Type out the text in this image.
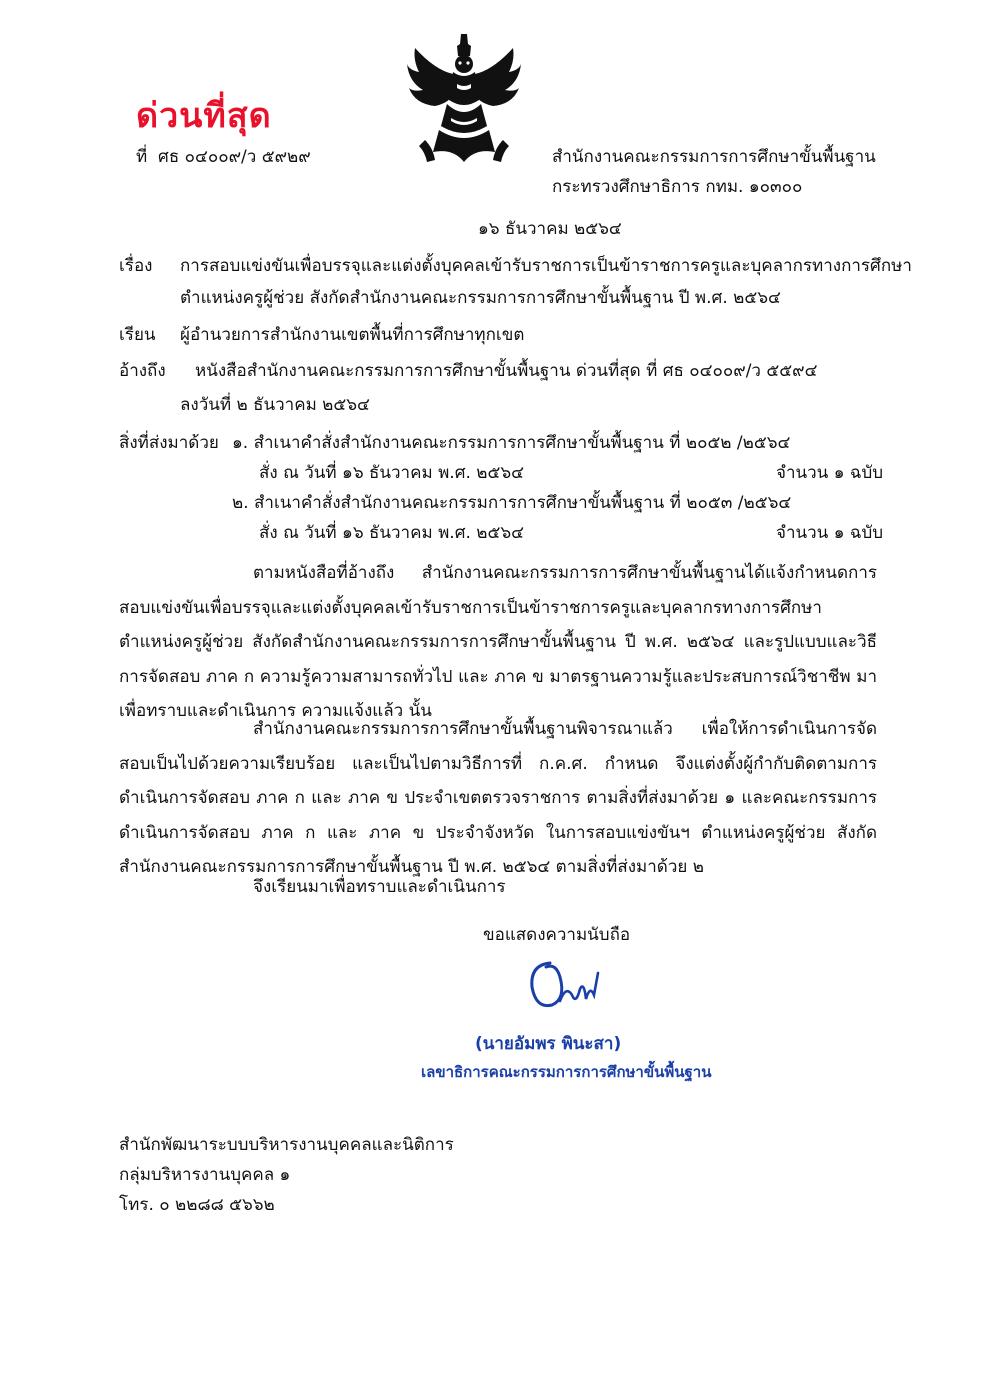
ด่วนที่สุด
ที่ ศธ ๐๔๐๐๙/ว ๕๙๒๙	สำนักงานคณะกรรมการการศึกษาขั้นพื้นฐาน
กระทรวงศึกษาธิการ กทม. ๑๐๓๐๐
๑๖ ธันวาคม ๒๕๖๔
เรื่อง การสอบแข่งขันเพื่อบรรจุและแต่งตั้งบุคคลเข้ารับราชการเป็นข้าราชการครูและบุคลากรทางการศึกษา
ตำแหน่งครูผู้ช่วย สังกัดสำนักงานคณะกรรมการการศึกษาขั้นพื้นฐาน ปี พ.ศ. ๒๕๖๔
เรียน ผู้อำนวยการสำนักงานเขตพื้นที่การศึกษาทุกเขต
อ้างถึง หนังสือสำนักงานคณะกรรมการการศึกษาขั้นพื้นฐาน ด่วนที่สุด ที่ ศธ ๐๔๐๐๙/ว ๕๕๙๔
ลงวันที่ ๒ ธันวาคม ๒๕๖๔
สิ่งที่ส่งมาด้วย ๑. สำเนาคำสั่งสำนักงานคณะกรรมการการศึกษาขั้นพื้นฐาน ที่ ๒๐๕๒ /๒๕๖๔
สั่ง ณ วันที่ ๑๖ ธันวาคม พ.ศ. ๒๕๖๔	จำนวน ๑ ฉบับ
๒. สำเนาคำสั่งสำนักงานคณะกรรมการการศึกษาขั้นพื้นฐาน ที่ ๒๐๕๓ /๒๕๖๔
สั่ง ณ วันที่ ๑๖ ธันวาคม พ.ศ. ๒๕๖๔	จำนวน ๑ ฉบับ

ตามหนังสือที่อ้างถึง สำนักงานคณะกรรมการการศึกษาขั้นพื้นฐานได้แจ้งกำหนดการสอบแข่งขันเพื่อบรรจุและแต่งตั้งบุคคลเข้ารับราชการเป็นข้าราชการครูและบุคลากรทางการศึกษา ตำแหน่งครูผู้ช่วย สังกัดสำนักงานคณะกรรมการการศึกษาขั้นพื้นฐาน ปี พ.ศ. ๒๕๖๔ และรูปแบบและวิธีการจัดสอบ ภาค ก ความรู้ความสามารถทั่วไป และ ภาค ข มาตรฐานความรู้และประสบการณ์วิชาชีพ มาเพื่อทราบและดำเนินการ ความแจ้งแล้ว นั้น

สำนักงานคณะกรรมการการศึกษาขั้นพื้นฐานพิจารณาแล้ว เพื่อให้การดำเนินการจัดสอบเป็นไปด้วยความเรียบร้อย และเป็นไปตามวิธีการที่ ก.ค.ศ. กำหนด จึงแต่งตั้งผู้กำกับติดตามการดำเนินการจัดสอบ ภาค ก และ ภาค ข ประจำเขตตรวจราชการ ตามสิ่งที่ส่งมาด้วย ๑ และคณะกรรมการดำเนินการจัดสอบ ภาค ก และ ภาค ข ประจำจังหวัด ในการสอบแข่งขันฯ ตำแหน่งครูผู้ช่วย สังกัดสำนักงานคณะกรรมการการศึกษาขั้นพื้นฐาน ปี พ.ศ. ๒๕๖๔ ตามสิ่งที่ส่งมาด้วย ๒

จึงเรียนมาเพื่อทราบและดำเนินการ
ขอแสดงความนับถือ
(นายอัมพร พินะสา)
เลขาธิการคณะกรรมการการศึกษาขั้นพื้นฐาน
สำนักพัฒนาระบบบริหารงานบุคคลและนิติการ
กลุ่มบริหารงานบุคคล ๑
โทร. ๐ ๒๒๘๘ ๕๖๖๒
